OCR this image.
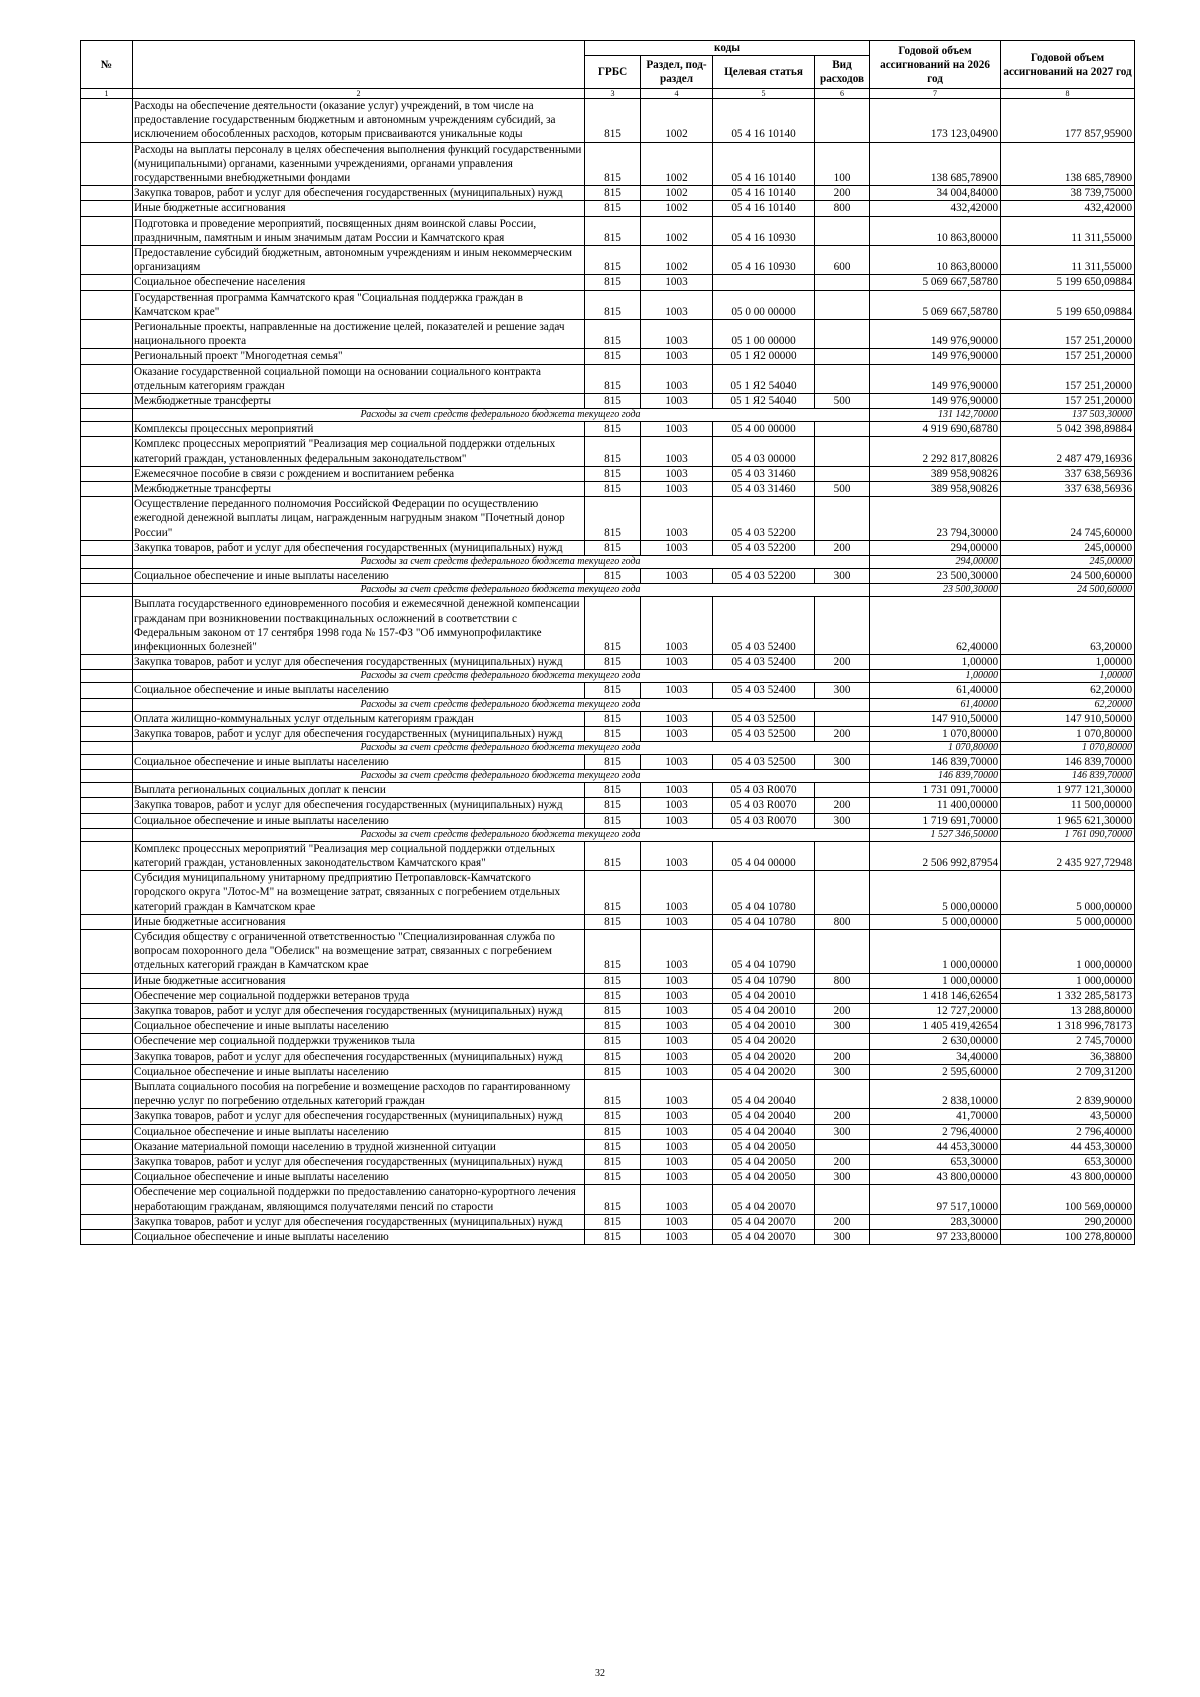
№		коды				Годовой объем ассигнований на 2026 год	Годовой объем ассигнований на 2027 год
		ГРБС	Раздел, под-раздел	Целевая статья	Вид расходов		
1	2	3	4	5	6	7	8
	Расходы на обеспечение деятельности (оказание услуг) учреждений, в том числе на предоставление государственным бюджетным и автономным учреждениям субсидий, за исключением обособленных расходов, которым присваиваются уникальные коды	815	1002	05 4 16 10140		173 123,04900	177 857,95900
	Расходы на выплаты персоналу в целях обеспечения выполнения функций государственными (муниципальными) органами, казенными учреждениями, органами управления государственными внебюджетными фондами	815	1002	05 4 16 10140	100	138 685,78900	138 685,78900
	Закупка товаров, работ и услуг для обеспечения государственных (муниципальных) нужд	815	1002	05 4 16 10140	200	34 004,84000	38 739,75000
	Иные бюджетные ассигнования	815	1002	05 4 16 10140	800	432,42000	432,42000
	Подготовка и проведение мероприятий, посвященных дням воинской славы России, праздничным, памятным и иным значимым датам России и Камчатского края	815	1002	05 4 16 10930		10 863,80000	11 311,55000
	Предоставление субсидий бюджетным, автономным учреждениям и иным некоммерческим организациям	815	1002	05 4 16 10930	600	10 863,80000	11 311,55000
	Социальное обеспечение населения	815	1003			5 069 667,58780	5 199 650,09884
	Государственная программа Камчатского края "Социальная поддержка граждан в Камчатском крае"	815	1003	05 0 00 00000		5 069 667,58780	5 199 650,09884
	Региональные проекты, направленные на достижение целей, показателей и решение задач национального проекта	815	1003	05 1 00 00000		149 976,90000	157 251,20000
	Региональный проект "Многодетная семья"	815	1003	05 1 Я2 00000		149 976,90000	157 251,20000
	Оказание государственной социальной помощи на основании социального контракта отдельным категориям граждан	815	1003	05 1 Я2 54040		149 976,90000	157 251,20000
	Межбюджетные трансферты	815	1003	05 1 Я2 54040	500	149 976,90000	157 251,20000
	Расходы за счет средств федерального бюджета текущего года					131 142,70000	137 503,30000
	Комплексы процессных мероприятий	815	1003	05 4 00 00000		4 919 690,68780	5 042 398,89884
	Комплекс процессных мероприятий "Реализация мер социальной поддержки отдельных категорий граждан, установленных федеральным законодательством"	815	1003	05 4 03 00000		2 292 817,80826	2 487 479,16936
	Ежемесячное пособие в связи с рождением и воспитанием ребенка	815	1003	05 4 03 31460		389 958,90826	337 638,56936
	Межбюджетные трансферты	815	1003	05 4 03 31460	500	389 958,90826	337 638,56936
	Осуществление переданного полномочия Российской Федерации по осуществлению ежегодной денежной выплаты лицам, награжденным нагрудным знаком "Почетный донор России"	815	1003	05 4 03 52200		23 794,30000	24 745,60000
	Закупка товаров, работ и услуг для обеспечения государственных (муниципальных) нужд	815	1003	05 4 03 52200	200	294,00000	245,00000
	Расходы за счет средств федерального бюджета текущего года					294,00000	245,00000
	Социальное обеспечение и иные выплаты населению	815	1003	05 4 03 52200	300	23 500,30000	24 500,60000
	Расходы за счет средств федерального бюджета текущего года					23 500,30000	24 500,60000
	Выплата государственного единовременного пособия и ежемесячной денежной компенсации гражданам при возникновении поствакцинальных осложнений в соответствии с Федеральным законом от 17 сентября 1998 года № 157-ФЗ "Об иммунопрофилактике инфекционных болезней"	815	1003	05 4 03 52400		62,40000	63,20000
	Закупка товаров, работ и услуг для обеспечения государственных (муниципальных) нужд	815	1003	05 4 03 52400	200	1,00000	1,00000
	Расходы за счет средств федерального бюджета текущего года					1,00000	1,00000
	Социальное обеспечение и иные выплаты населению	815	1003	05 4 03 52400	300	61,40000	62,20000
	Расходы за счет средств федерального бюджета текущего года					61,40000	62,20000
	Оплата жилищно-коммунальных услуг отдельным категориям граждан	815	1003	05 4 03 52500		147 910,50000	147 910,50000
	Закупка товаров, работ и услуг для обеспечения государственных (муниципальных) нужд	815	1003	05 4 03 52500	200	1 070,80000	1 070,80000
	Расходы за счет средств федерального бюджета текущего года					1 070,80000	1 070,80000
	Социальное обеспечение и иные выплаты населению	815	1003	05 4 03 52500	300	146 839,70000	146 839,70000
	Расходы за счет средств федерального бюджета текущего года					146 839,70000	146 839,70000
	Выплата региональных социальных доплат к пенсии	815	1003	05 4 03 R0070		1 731 091,70000	1 977 121,30000
	Закупка товаров, работ и услуг для обеспечения государственных (муниципальных) нужд	815	1003	05 4 03 R0070	200	11 400,00000	11 500,00000
	Социальное обеспечение и иные выплаты населению	815	1003	05 4 03 R0070	300	1 719 691,70000	1 965 621,30000
	Расходы за счет средств федерального бюджета текущего года					1 527 346,50000	1 761 090,70000
	Комплекс процессных мероприятий "Реализация мер социальной поддержки отдельных категорий граждан, установленных законодательством Камчатского края"	815	1003	05 4 04 00000		2 506 992,87954	2 435 927,72948
	Субсидия муниципальному унитарному предприятию Петропавловск-Камчатского городского округа "Лотос-М" на возмещение затрат, связанных с погребением отдельных категорий граждан в Камчатском крае	815	1003	05 4 04 10780		5 000,00000	5 000,00000
	Иные бюджетные ассигнования	815	1003	05 4 04 10780	800	5 000,00000	5 000,00000
	Субсидия обществу с ограниченной ответственностью "Специализированная служба по вопросам похоронного дела "Обелиск" на возмещение затрат, связанных с погребением отдельных категорий граждан в Камчатском крае	815	1003	05 4 04 10790		1 000,00000	1 000,00000
	Иные бюджетные ассигнования	815	1003	05 4 04 10790	800	1 000,00000	1 000,00000
	Обеспечение мер социальной поддержки ветеранов труда	815	1003	05 4 04 20010		1 418 146,62654	1 332 285,58173
	Закупка товаров, работ и услуг для обеспечения государственных (муниципальных) нужд	815	1003	05 4 04 20010	200	12 727,20000	13 288,80000
	Социальное обеспечение и иные выплаты населению	815	1003	05 4 04 20010	300	1 405 419,42654	1 318 996,78173
	Обеспечение мер социальной поддержки тружеников тыла	815	1003	05 4 04 20020		2 630,00000	2 745,70000
	Закупка товаров, работ и услуг для обеспечения государственных (муниципальных) нужд	815	1003	05 4 04 20020	200	34,40000	36,38800
	Социальное обеспечение и иные выплаты населению	815	1003	05 4 04 20020	300	2 595,60000	2 709,31200
	Выплата социального пособия на погребение и возмещение расходов по гарантированному перечню услуг по погребению отдельных категорий граждан	815	1003	05 4 04 20040		2 838,10000	2 839,90000
	Закупка товаров, работ и услуг для обеспечения государственных (муниципальных) нужд	815	1003	05 4 04 20040	200	41,70000	43,50000
	Социальное обеспечение и иные выплаты населению	815	1003	05 4 04 20040	300	2 796,40000	2 796,40000
	Оказание материальной помощи населению в трудной жизненной ситуации	815	1003	05 4 04 20050		44 453,30000	44 453,30000
	Закупка товаров, работ и услуг для обеспечения государственных (муниципальных) нужд	815	1003	05 4 04 20050	200	653,30000	653,30000
	Социальное обеспечение и иные выплаты населению	815	1003	05 4 04 20050	300	43 800,00000	43 800,00000
	Обеспечение мер социальной поддержки по предоставлению санаторно-курортного лечения неработающим гражданам, являющимся получателями пенсий по старости	815	1003	05 4 04 20070		97 517,10000	100 569,00000
	Закупка товаров, работ и услуг для обеспечения государственных (муниципальных) нужд	815	1003	05 4 04 20070	200	283,30000	290,20000
	Социальное обеспечение и иные выплаты населению	815	1003	05 4 04 20070	300	97 233,80000	100 278,80000
32
